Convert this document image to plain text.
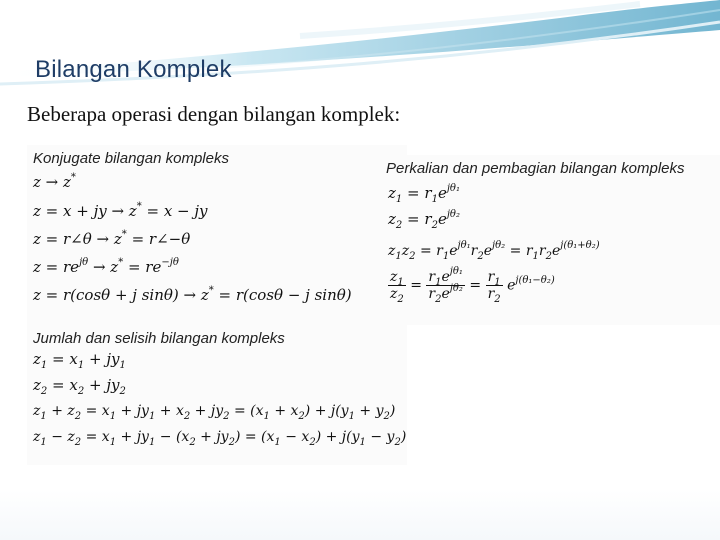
Bilangan Komplek
Beberapa operasi dengan bilangan komplek:
Konjugate bilangan kompleks
z → z*
z = x + jy → z* = x − jy
z = r∠θ → z* = r∠−θ
$z = re^{j\theta} \to z^* = re^{-j\theta}$
z = r(cosθ + j sinθ) → z* = r(cosθ − j sinθ)
Jumlah dan selisih bilangan kompleks
$z_1 = x_1 + jy_1$
$z_2 = x_2 + jy_2$
$z_1 + z_2 = x_1 + jy_1 + x_2 + jy_2 = (x_1 + x_2) + j(y_1 + y_2)$
$z_1 - z_2 = x_1 + jy_1 - (x_2 + jy_2) = (x_1 - x_2) + j(y_1 - y_2)$
Perkalian dan pembagian bilangan kompleks
$z_1 = r_1e^{j\theta_1}$
$z_2 = r_2e^{j\theta_2}$
$z_1z_2 = r_1e^{j\theta_1}r_2e^{j\theta_2} = r_1r_2e^{j(\theta_1+\theta_2)}$
$\frac{z_1}{z_2} = \frac{r_1e^{j\theta_1}}{r_2e^{j\theta_2}} = \frac{r_1}{r_2} e^{j(\theta_1-\theta_2)}$
